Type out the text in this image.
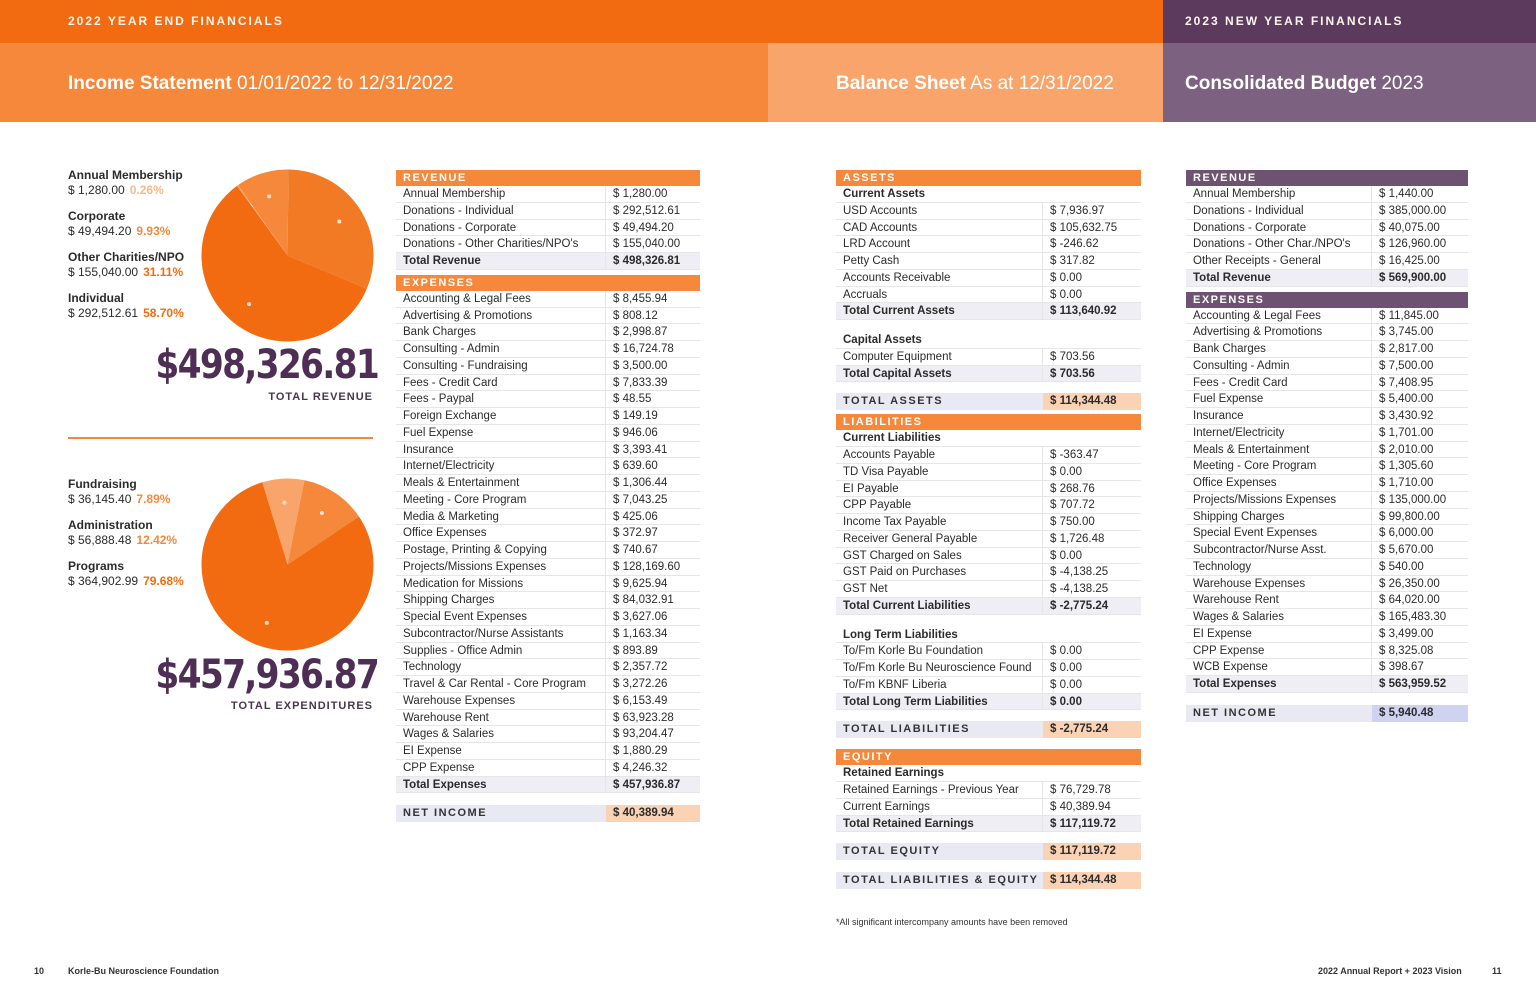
2022 YEAR END FINANCIALS	2023 NEW YEAR FINANCIALS
Income Statement 01/01/2022 to 12/31/2022	Balance Sheet As at 12/31/2022	Consolidated Budget 2023
Annual Membership
$ 1,280.00 0.26%
Corporate
$ 49,494.20 9.93%
Other Charities/NPO
$ 155,040.00 31.11%
Individual
$ 292,512.61 58.70%
$498,326.81
TOTAL REVENUE
Fundraising
$ 36,145.40 7.89%
Administration
$ 56,888.48 12.42%
Programs
$ 364,902.99 79.68%
$457,936.87
TOTAL EXPENDITURES
REVENUE
Annual Membership	$ 1,280.00
Donations - Individual	$ 292,512.61
Donations - Corporate	$ 49,494.20
Donations - Other Charities/NPO's	$ 155,040.00
Total Revenue	$ 498,326.81
EXPENSES
Accounting & Legal Fees	$ 8,455.94
Advertising & Promotions	$ 808.12
Bank Charges	$ 2,998.87
Consulting - Admin	$ 16,724.78
Consulting - Fundraising	$ 3,500.00
Fees - Credit Card	$ 7,833.39
Fees - Paypal	$ 48.55
Foreign Exchange	$ 149.19
Fuel Expense	$ 946.06
Insurance	$ 3,393.41
Internet/Electricity	$ 639.60
Meals & Entertainment	$ 1,306.44
Meeting - Core Program	$ 7,043.25
Media & Marketing	$ 425.06
Office Expenses	$ 372.97
Postage, Printing & Copying	$ 740.67
Projects/Missions Expenses	$ 128,169.60
Medication for Missions	$ 9,625.94
Shipping Charges	$ 84,032.91
Special Event Expenses	$ 3,627.06
Subcontractor/Nurse Assistants	$ 1,163.34
Supplies - Office Admin	$ 893.89
Technology	$ 2,357.72
Travel & Car Rental - Core Program	$ 3,272.26
Warehouse Expenses	$ 6,153.49
Warehouse Rent	$ 63,923.28
Wages & Salaries	$ 93,204.47
EI Expense	$ 1,880.29
CPP Expense	$ 4,246.32
Total Expenses	$ 457,936.87
NET INCOME	$ 40,389.94
ASSETS
Current Assets
USD Accounts	$ 7,936.97
CAD Accounts	$ 105,632.75
LRD Account	$ -246.62
Petty Cash	$ 317.82
Accounts Receivable	$ 0.00
Accruals	$ 0.00
Total Current Assets	$ 113,640.92
Capital Assets
Computer Equipment	$ 703.56
Total Capital Assets	$ 703.56
TOTAL ASSETS	$ 114,344.48
LIABILITIES
Current Liabilities
Accounts Payable	$ -363.47
TD Visa Payable	$ 0.00
EI Payable	$ 268.76
CPP Payable	$ 707.72
Income Tax Payable	$ 750.00
Receiver General Payable	$ 1,726.48
GST Charged on Sales	$ 0.00
GST Paid on Purchases	$ -4,138.25
GST Net	$ -4,138.25
Total Current Liabilities	$ -2,775.24
Long Term Liabilities
To/Fm Korle Bu Foundation	$ 0.00
To/Fm Korle Bu Neuroscience Found	$ 0.00
To/Fm KBNF Liberia	$ 0.00
Total Long Term Liabilities	$ 0.00
TOTAL LIABILITIES	$ -2,775.24
EQUITY
Retained Earnings
Retained Earnings - Previous Year	$ 76,729.78
Current Earnings	$ 40,389.94
Total Retained Earnings	$ 117,119.72
TOTAL EQUITY	$ 117,119.72
TOTAL LIABILITIES & EQUITY	$ 114,344.48
REVENUE
Annual Membership	$ 1,440.00
Donations - Individual	$ 385,000.00
Donations - Corporate	$ 40,075.00
Donations - Other Char./NPO's	$ 126,960.00
Other Receipts - General	$ 16,425.00
Total Revenue	$ 569,900.00
EXPENSES
Accounting & Legal Fees	$ 11,845.00
Advertising & Promotions	$ 3,745.00
Bank Charges	$ 2,817.00
Consulting - Admin	$ 7,500.00
Fees - Credit Card	$ 7,408.95
Fuel Expense	$ 5,400.00
Insurance	$ 3,430.92
Internet/Electricity	$ 1,701.00
Meals & Entertainment	$ 2,010.00
Meeting - Core Program	$ 1,305.60
Office Expenses	$ 1,710.00
Projects/Missions Expenses	$ 135,000.00
Shipping Charges	$ 99,800.00
Special Event Expenses	$ 6,000.00
Subcontractor/Nurse Asst.	$ 5,670.00
Technology	$ 540.00
Warehouse Expenses	$ 26,350.00
Warehouse Rent	$ 64,020.00
Wages & Salaries	$ 165,483.30
EI Expense	$ 3,499.00
CPP Expense	$ 8,325.08
WCB Expense	$ 398.67
Total Expenses	$ 563,959.52
NET INCOME	$ 5,940.48
*All significant intercompany amounts have been removed
10	Korle-Bu Neuroscience Foundation	2022 Annual Report + 2023 Vision	11
